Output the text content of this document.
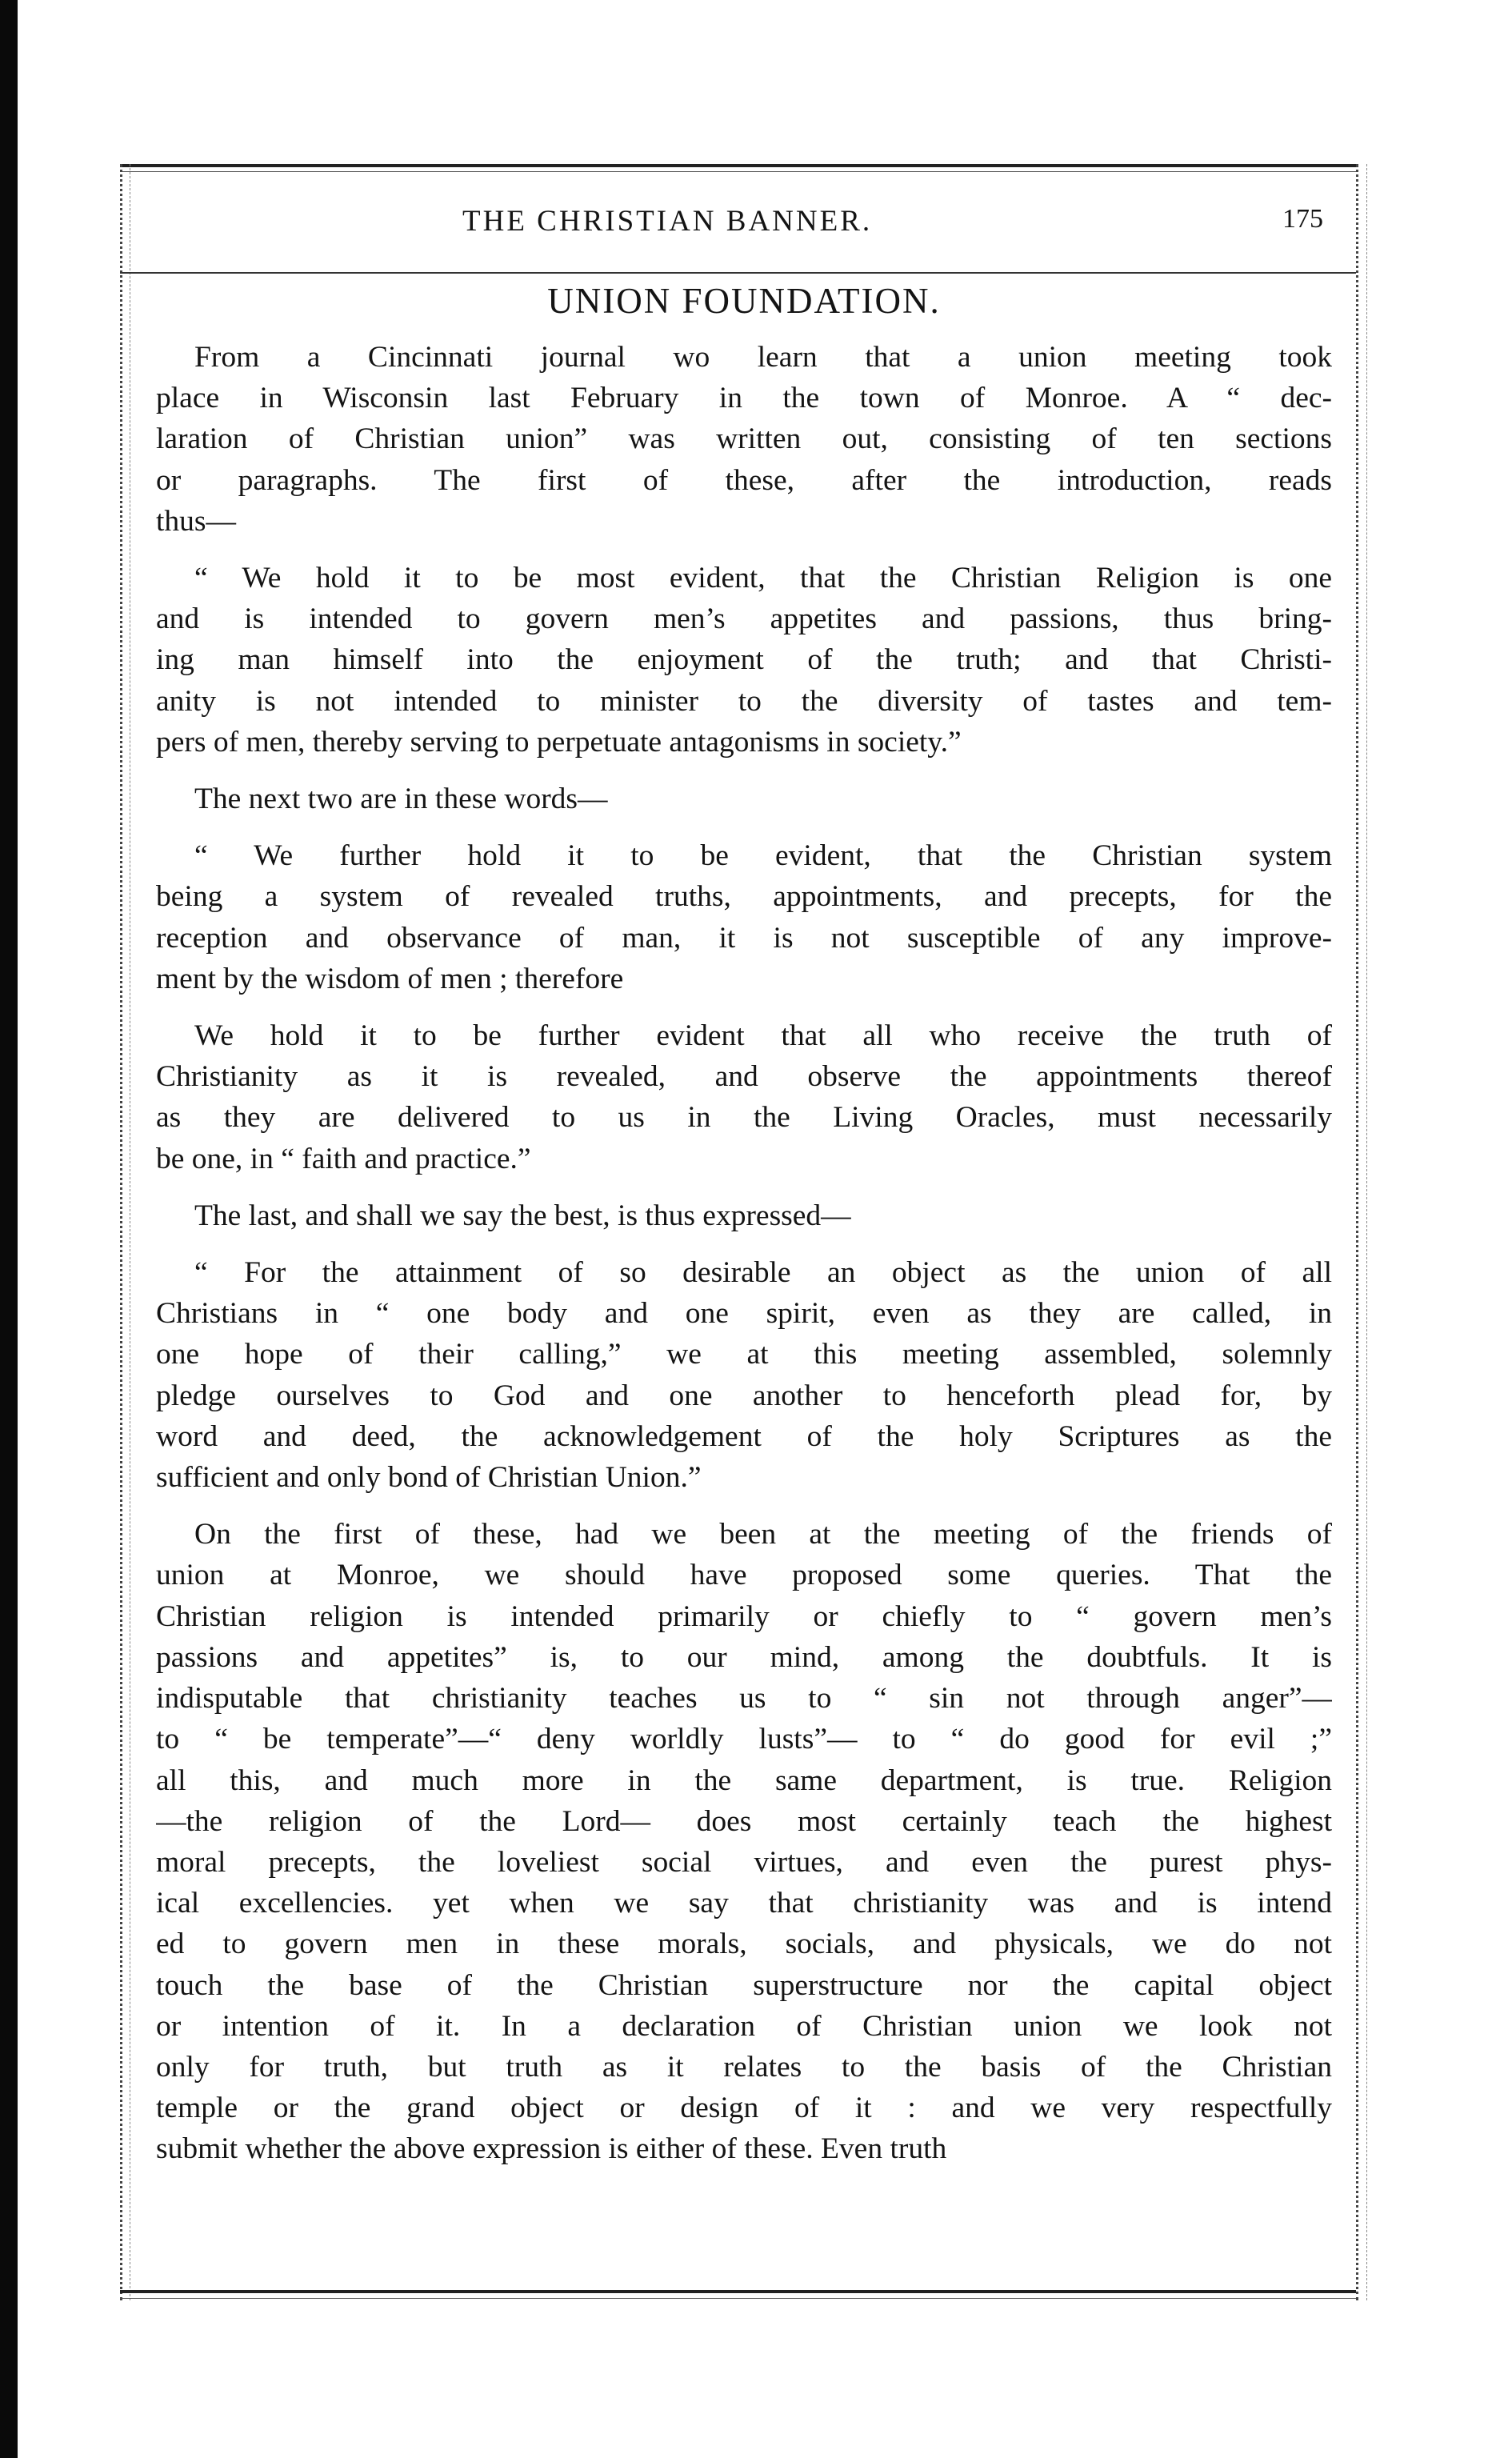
THE CHRISTIAN BANNER.	175
UNION FOUNDATION.
From a Cincinnati journal wo learn that a union meeting took
place in Wisconsin last February in the town of Monroe. A “ dec-
laration of Christian union” was written out, consisting of ten sections
or paragraphs. The first of these, after the introduction, reads
thus—
“ We hold it to be most evident, that the Christian Religion is one
and is intended to govern men’s appetites and passions, thus bring-
ing man himself into the enjoyment of the truth; and that Christi-
anity is not intended to minister to the diversity of tastes and tem-
pers of men, thereby serving to perpetuate antagonisms in society.”
The next two are in these words—
“ We further hold it to be evident, that the Christian system
being a system of revealed truths, appointments, and precepts, for the
reception and observance of man, it is not susceptible of any improve-
ment by the wisdom of men ; therefore
We hold it to be further evident that all who receive the truth of
Christianity as it is revealed, and observe the appointments thereof
as they are delivered to us in the Living Oracles, must necessarily
be one, in “ faith and practice.”
The last, and shall we say the best, is thus expressed—
“ For the attainment of so desirable an object as the union of all
Christians in “ one body and one spirit, even as they are called, in
one hope of their calling,” we at this meeting assembled, solemnly
pledge ourselves to God and one another to henceforth plead for, by
word and deed, the acknowledgement of the holy Scriptures as the
sufficient and only bond of Christian Union.”
On the first of these, had we been at the meeting of the friends of
union at Monroe, we should have proposed some queries. That the
Christian religion is intended primarily or chiefly to “ govern men’s
passions and appetites” is, to our mind, among the doubtfuls. It is
indisputable that christianity teaches us to “ sin not through anger”—
to “ be temperate”—“ deny worldly lusts”— to “ do good for evil ;”
all this, and much more in the same department, is true. Religion
—the religion of the Lord— does most certainly teach the highest
moral precepts, the loveliest social virtues, and even the purest phys-
ical excellencies. yet when we say that christianity was and is intend
ed to govern men in these morals, socials, and physicals, we do not
touch the base of the Christian superstructure nor the capital object
or intention of it. In a declaration of Christian union we look not
only for truth, but truth as it relates to the basis of the Christian
temple or the grand object or design of it : and we very respectfully
submit whether the above expression is either of these. Even truth
